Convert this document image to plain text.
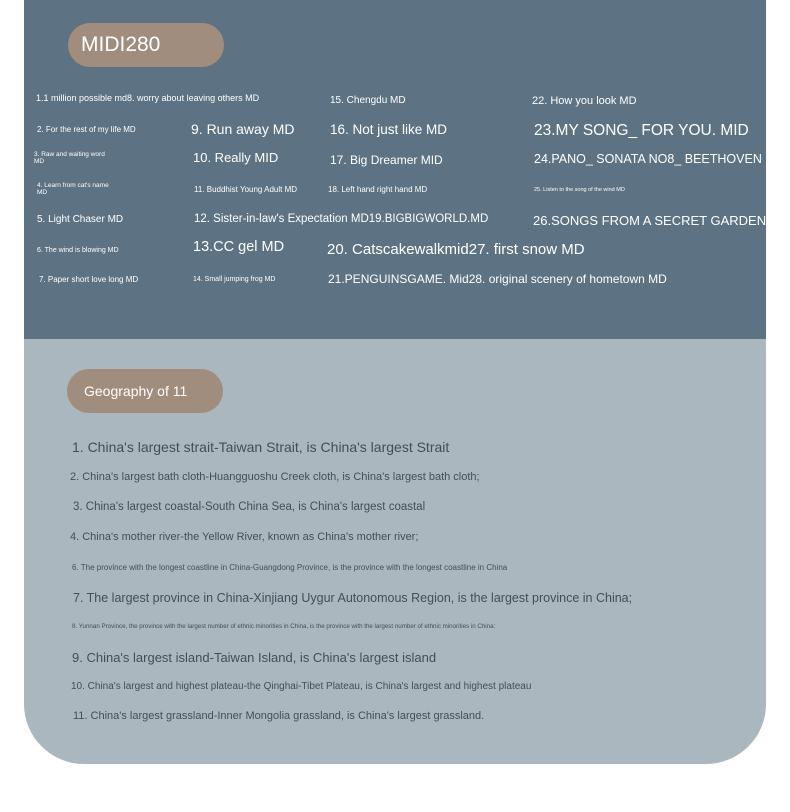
MIDI280
1.1 million possible md8. worry about leaving others MD
2. For the rest of my life MD
3. Raw and waiting word
MD
4. Learn from cat's name
MD
5. Light Chaser MD
6. The wind is blowing MD
7. Paper short love long MD
9. Run away MD
10. Really MID
11. Buddhist Young Adult MD
12. Sister-in-law's Expectation MD19.BIGBIGWORLD.MD
13.CC gel MD
14. Small jumping frog MD
15. Chengdu MD
16. Not just like MD
17. Big Dreamer MID
18. Left hand right hand MD
20. Catscakewalkmid27. first snow MD
21.PENGUINSGAME. Mid28. original scenery of hometown MD
22. How you look MD
23.MY SONG_ FOR YOU. MID
24.PANO_ SONATA NO8_ BEETHOVEN
25. Listen to the song of the wind MD
26.SONGS FROM A SECRET GARDEN
Geography of 11
1. China's largest strait-Taiwan Strait, is China's largest Strait
2. China's largest bath cloth-Huangguoshu Creek cloth, is China's largest bath cloth;
3. China's largest coastal-South China Sea, is China's largest coastal
4. China's mother river-the Yellow River, known as China's mother river;
6. The province with the longest coastline in China-Guangdong Province, is the province with the longest coastline in China
7. The largest province in China-Xinjiang Uygur Autonomous Region, is the largest province in China;
8. Yunnan Province, the province with the largest number of ethnic minorities in China, is the province with the largest number of ethnic minorities in China:
9. China's largest island-Taiwan Island, is China's largest island
10. China's largest and highest plateau-the Qinghai-Tibet Plateau, is China's largest and highest plateau
11. China's largest grassland-Inner Mongolia grassland, is China's largest grassland.
